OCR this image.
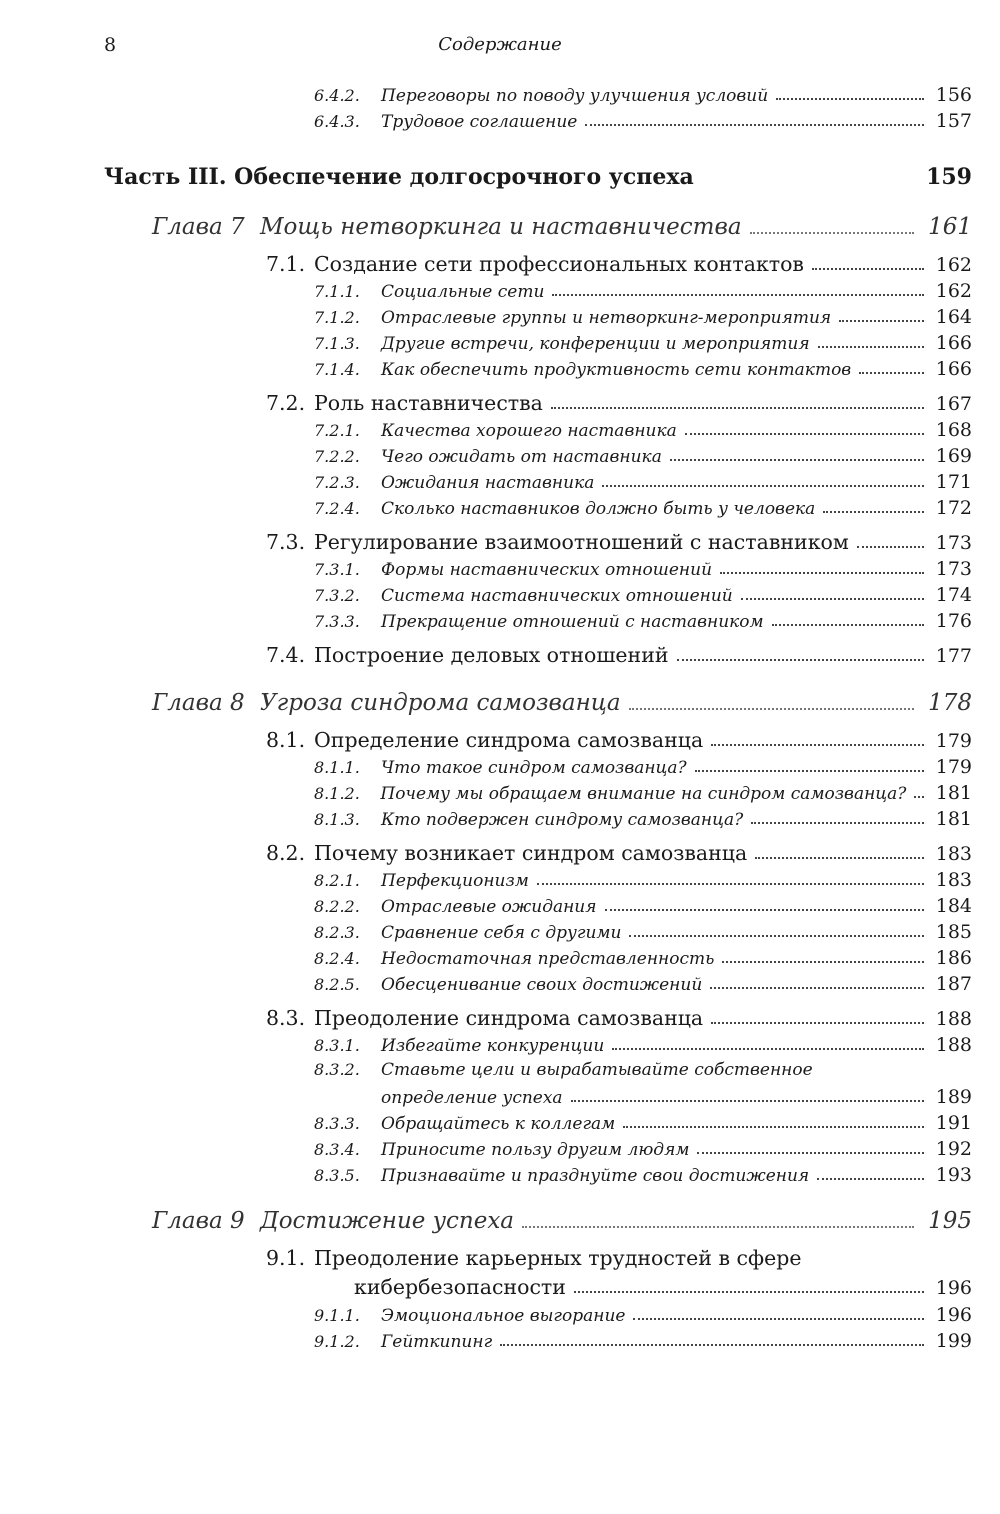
8	Содержание
6.4.2.	Переговоры по поводу улучшения условий	156
6.4.3.	Трудовое соглашение	157
Часть III. Обеспечение долгосрочного успеха	159
Глава 7 Мощь нетворкинга и наставничества	161
7.1. Создание сети профессиональных контактов	162
7.1.1.	Социальные сети	162
7.1.2.	Отраслевые группы и нетворкинг-мероприятия	164
7.1.3.	Другие встречи, конференции и мероприятия	166
7.1.4.	Как обеспечить продуктивность сети контактов	166
7.2. Роль наставничества	167
7.2.1.	Качества хорошего наставника	168
7.2.2.	Чего ожидать от наставника	169
7.2.3.	Ожидания наставника	171
7.2.4.	Сколько наставников должно быть у человека	172
7.3. Регулирование взаимоотношений с наставником	173
7.3.1.	Формы наставнических отношений	173
7.3.2.	Система наставнических отношений	174
7.3.3.	Прекращение отношений с наставником	176
7.4. Построение деловых отношений	177
Глава 8 Угроза синдрома самозванца	178
8.1. Определение синдрома самозванца	179
8.1.1.	Что такое синдром самозванца?	179
8.1.2.	Почему мы обращаем внимание на синдром самозванца? 181
8.1.3.	Кто подвержен синдрому самозванца?	181
8.2. Почему возникает синдром самозванца	183
8.2.1.	Перфекционизм	183
8.2.2.	Отраслевые ожидания	184
8.2.3.	Сравнение себя с другими	185
8.2.4.	Недостаточная представленность	186
8.2.5.	Обесценивание своих достижений	187
8.3. Преодоление синдрома самозванца	188
8.3.1.	Избегайте конкуренции	188
8.3.2.	Ставьте цели и вырабатывайте собственное
определение успеха	189
8.3.3.	Обращайтесь к коллегам	191
8.3.4.	Приносите пользу другим людям	192
8.3.5.	Признавайте и празднуйте свои достижения	193
Глава 9 Достижение успеха	195
9.1. Преодоление карьерных трудностей в сфере
кибербезопасности	196
9.1.1.	Эмоциональное выгорание	196
9.1.2.	Гейткипинг	199
